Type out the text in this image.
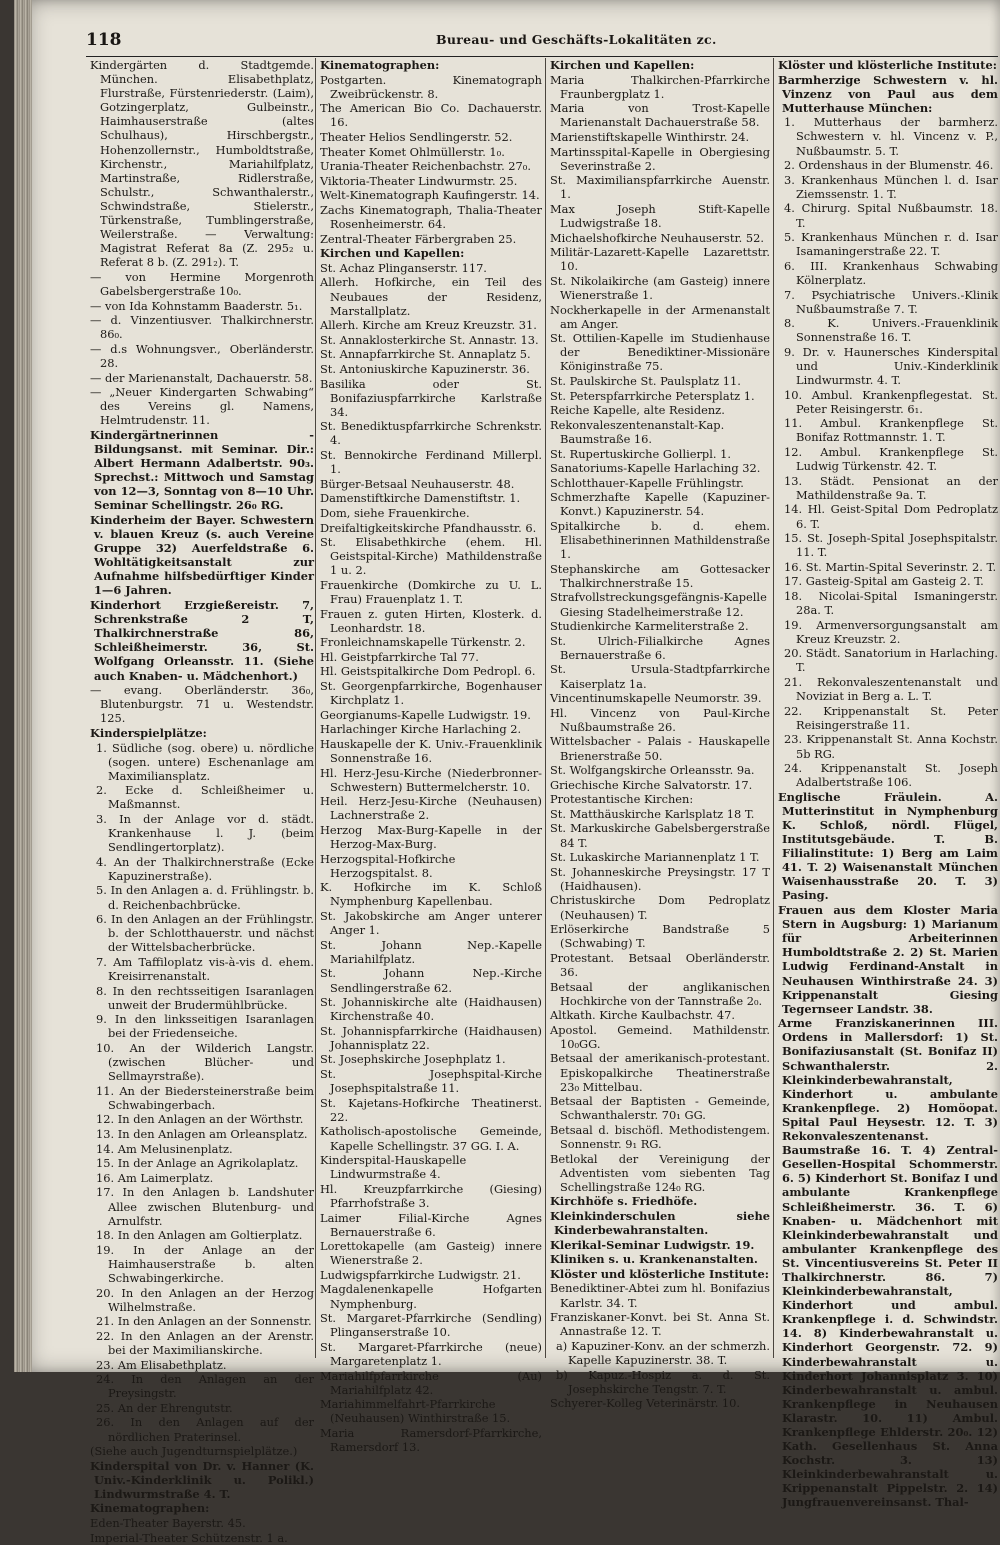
118	Bureau- und Geschäfts-Lokalitäten zc.

Kindergärten d. Stadtgemde. München. Elisabethplatz, Flurstraße, Fürstenriederstr. (Laim), Gotzingerplatz, Gulbeinstr., Haimhauserstraße (altes Schulhaus), Hirschbergstr., Hohenzollernstr., Humboldtstraße, Kirchenstr., Mariahilfplatz, Martinstraße, Ridlerstraße, Schulstr., Schwanthalerstr., Schwindstraße, Stielerstr., Türkenstraße, Tumblingerstraße, Weilerstraße. — Verwaltung: Magistrat Referat 8a (Z. 295₂ u. Referat 8 b. (Z. 291₂). T.

— von Hermine Morgenroth Gabelsbergerstraße 10₀.

— von Ida Kohnstamm Baaderstr. 5₁.

— d. Vinzentiusver. Thalkirchnerstr. 86₀.

— d.s Wohnungsver., Oberländerstr. 28.

— der Marienanstalt, Dachauerstr. 58.

— „Neuer Kindergarten Schwabing“ des Vereins gl. Namens, Helmtrudenstr. 11.

Kindergärtnerinnen - Bildungsanst. mit Seminar. Dir.: Albert Hermann Adalbertstr. 90₃. Sprechst.: Mittwoch und Samstag von 12—3, Sonntag von 8—10 Uhr. Seminar Schellingstr. 26₀ RG.

Kinderheim der Bayer. Schwestern v. blauen Kreuz (s. auch Vereine Gruppe 32) Auerfeldstraße 6. Wohltätigkeitsanstalt zur Aufnahme hilfsbedürftiger Kinder 1—6 Jahren.

Kinderhort Erzgießereistr. 7, Schrenkstraße 2 T, Thalkirchnerstraße 86, Schleißheimerstr. 36, St. Wolfgang Orleansstr. 11. (Siehe auch Knaben- u. Mädchenhort.)

— evang. Oberländerstr. 36₀, Blutenburgstr. 71 u. Westendstr. 125.

Kinderspielplätze:

1. Südliche (sog. obere) u. nördliche (sogen. untere) Eschenanlage am Maximiliansplatz.

2. Ecke d. Schleißheimer u. Maßmannst.

3. In der Anlage vor d. städt. Krankenhause l. J. (beim Sendlingertorplatz).

4. An der Thalkirchnerstraße (Ecke Kapuzinerstraße).

5. In den Anlagen a. d. Frühlingstr. b. d. Reichenbachbrücke.

6. In den Anlagen an der Frühlingstr. b. der Schlotthauerstr. und nächst der Wittelsbacherbrücke.

7. Am Taffiloplatz vis-à-vis d. ehem. Kreisirrenanstalt.

8. In den rechtsseitigen Isaranlagen unweit der Brudermühlbrücke.

9. In den linksseitigen Isaranlagen bei der Friedenseiche.

10. An der Wilderich Langstr. (zwischen Blücher- und Sellmayrstraße).

11. An der Biedersteinerstraße beim Schwabingerbach.

12. In den Anlagen an der Wörthstr.

13. In den Anlagen am Orleansplatz.

14. Am Melusinenplatz.

15. In der Anlage an Agrikolaplatz.

16. Am Laimerplatz.

17. In den Anlagen b. Landshuter Allee zwischen Blutenburg- und Arnulfstr.

18. In den Anlagen am Goltierplatz.

19. In der Anlage an der Haimhauserstraße b. alten Schwabingerkirche.

20. In den Anlagen an der Herzog Wilhelmstraße.

21. In den Anlagen an der Sonnenstr.

22. In den Anlagen an der Arenstr. bei der Maximilianskirche.

23. Am Elisabethplatz.

24. In den Anlagen an der Preysingstr.

25. An der Ehrengutstr.

26. In den Anlagen auf der nördlichen Praterinsel.

(Siehe auch Jugendturnspielplätze.)

Kinderspital von Dr. v. Hanner (K. Univ.-Kinderklinik u. Polikl.) Lindwurmstraße 4. T.

Kinematographen:

Eden-Theater Bayerstr. 45.

Imperial-Theater Schützenstr. 1 a.

Kinematographen:

Postgarten. Kinematograph Zweibrückenstr. 8.

The American Bio Co. Dachauerstr. 16.

Theater Helios Sendlingerstr. 52.

Theater Komet Ohlmüllerstr. 1₀.

Urania-Theater Reichenbachstr. 27₀.

Viktoria-Theater Lindwurmstr. 25.

Welt-Kinematograph Kaufingerstr. 14.

Zachs Kinematograph, Thalia-Theater Rosenheimerstr. 64.

Zentral-Theater Färbergraben 25.

Kirchen und Kapellen:

St. Achaz Plinganserstr. 117.

Allerh. Hofkirche, ein Teil des Neubaues der Residenz, Marstallplatz.

Allerh. Kirche am Kreuz Kreuzstr. 31.

St. Annaklosterkirche St. Annastr. 13.

St. Annapfarrkirche St. Annaplatz 5.

St. Antoniuskirche Kapuzinerstr. 36.

Basilika oder St. Bonifaziuspfarrkirche Karlstraße 34.

St. Benediktuspfarrkirche Schrenkstr. 4.

St. Bennokirche Ferdinand Millerpl. 1.

Bürger-Betsaal Neuhauserstr. 48.

Damenstiftkirche Damenstiftstr. 1.

Dom, siehe Frauenkirche.

Dreifaltigkeitskirche Pfandhausstr. 6.

St. Elisabethkirche (ehem. Hl. Geistspital-Kirche) Mathildenstraße 1 u. 2.

Frauenkirche (Domkirche zu U. L. Frau) Frauenplatz 1. T.

Frauen z. guten Hirten, Klosterk. d. Leonhardstr. 18.

Fronleichnamskapelle Türkenstr. 2.

Hl. Geistpfarrkirche Tal 77.

Hl. Geistspitalkirche Dom Pedropl. 6.

St. Georgenpfarrkirche, Bogenhauser Kirchplatz 1.

Georgianums-Kapelle Ludwigstr. 19.

Harlachinger Kirche Harlaching 2.

Hauskapelle der K. Univ.-Frauenklinik Sonnenstraße 16.

Hl. Herz-Jesu-Kirche (Niederbronner-Schwestern) Buttermelcherstr. 10.

Heil. Herz-Jesu-Kirche (Neuhausen) Lachnerstraße 2.

Herzog Max-Burg-Kapelle in der Herzog-Max-Burg.

Herzogspital-Hofkirche Herzogspitalst. 8.

K. Hofkirche im K. Schloß Nymphenburg Kapellenbau.

St. Jakobskirche am Anger unterer Anger 1.

St. Johann Nep.-Kapelle Mariahilfplatz.

St. Johann Nep.-Kirche Sendlingerstraße 62.

St. Johanniskirche alte (Haidhausen) Kirchenstraße 40.

St. Johannispfarrkirche (Haidhausen) Johannisplatz 22.

St. Josephskirche Josephplatz 1.

St. Josephspital-Kirche Josephspitalstraße 11.

St. Kajetans-Hofkirche Theatinerst. 22.

Katholisch-apostolische Gemeinde, Kapelle Schellingstr. 37 GG. I. A.

Kinderspital-Hauskapelle Lindwurmstraße 4.

Hl. Kreuzpfarrkirche (Giesing) Pfarrhofstraße 3.

Laimer Filial-Kirche Agnes Bernauerstraße 6.

Lorettokapelle (am Gasteig) innere Wienerstraße 2.

Ludwigspfarrkirche Ludwigstr. 21.

Magdalenenkapelle Hofgarten Nymphenburg.

St. Margaret-Pfarrkirche (Sendling) Plinganserstraße 10.

St. Margaret-Pfarrkirche (neue) Margaretenplatz 1.

Mariahilfpfarrkirche (Au) Mariahilfplatz 42.

Mariahimmelfahrt-Pfarrkirche (Neuhausen) Winthirstraße 15.

Maria Ramersdorf-Pfarrkirche, Ramersdorf 13.

Kirchen und Kapellen:

Maria Thalkirchen-Pfarrkirche Fraunbergplatz 1.

Maria von Trost-Kapelle Marienanstalt Dachauerstraße 58.

Marienstiftskapelle Winthirstr. 24.

Martinsspital-Kapelle in Obergiesing Severinstraße 2.

St. Maximilianspfarrkirche Auenstr. 1.

Max Joseph Stift-Kapelle Ludwigstraße 18.

Michaelshofkirche Neuhauserstr. 52.

Militär-Lazarett-Kapelle Lazarettstr. 10.

St. Nikolaikirche (am Gasteig) innere Wienerstraße 1.

Nockherkapelle in der Armenanstalt am Anger.

St. Ottilien-Kapelle im Studienhause der Benediktiner-Missionäre Königinstraße 75.

St. Paulskirche St. Paulsplatz 11.

St. Peterspfarrkirche Petersplatz 1.

Reiche Kapelle, alte Residenz.

Rekonvaleszentenanstalt-Kap. Baumstraße 16.

St. Rupertuskirche Gollierpl. 1.

Sanatoriums-Kapelle Harlaching 32.

Schlotthauer-Kapelle Frühlingstr.

Schmerzhafte Kapelle (Kapuziner-Konvt.) Kapuzinerstr. 54.

Spitalkirche b. d. ehem. Elisabethinerinnen Mathildenstraße 1.

Stephanskirche am Gottesacker Thalkirchnerstraße 15.

Strafvollstreckungsgefängnis-Kapelle Giesing Stadelheimerstraße 12.

Studienkirche Karmeliterstraße 2.

St. Ulrich-Filialkirche Agnes Bernauerstraße 6.

St. Ursula-Stadtpfarrkirche Kaiserplatz 1a.

Vincentinumskapelle Neumorstr. 39.

Hl. Vincenz von Paul-Kirche Nußbaumstraße 26.

Wittelsbacher - Palais - Hauskapelle Brienerstraße 50.

St. Wolfgangskirche Orleansstr. 9a.

Griechische Kirche Salvatorstr. 17.

Protestantische Kirchen:

St. Matthäuskirche Karlsplatz 18 T.

St. Markuskirche Gabelsbergerstraße 84 T.

St. Lukaskirche Mariannenplatz 1 T.

St. Johanneskirche Preysingstr. 17 T (Haidhausen).

Christuskirche Dom Pedroplatz (Neuhausen) T.

Erlöserkirche Bandstraße 5 (Schwabing) T.

Protestant. Betsaal Oberländerstr. 36.

Betsaal der anglikanischen Hochkirche von der Tannstraße 2₀.

Altkath. Kirche Kaulbachstr. 47.

Apostol. Gemeind. Mathildenstr. 10₀GG.

Betsaal der amerikanisch-protestant. Episkopalkirche Theatinerstraße 23₀ Mittelbau.

Betsaal der Baptisten - Gemeinde, Schwanthalerstr. 70₁ GG.

Betsaal d. bischöfl. Methodistengem. Sonnenstr. 9₁ RG.

Betlokal der Vereinigung der Adventisten vom siebenten Tag Schellingstraße 124₀ RG.

Kirchhöfe s. Friedhöfe.

Kleinkinderschulen siehe Kinderbewahranstalten.

Klerikal-Seminar Ludwigstr. 19.

Kliniken s. u. Krankenanstalten.

Klöster und klösterliche Institute:

Benediktiner-Abtei zum hl. Bonifazius Karlstr. 34. T.

Franziskaner-Konvt. bei St. Anna St. Annastraße 12. T.

a) Kapuziner-Konv. an der schmerzh. Kapelle Kapuzinerstr. 38. T.

b) Kapuz.-Hospiz a. d. St. Josephskirche Tengstr. 7. T.

Schyerer-Kolleg Veterinärstr. 10.

Klöster und klösterliche Institute:

Barmherzige Schwestern v. hl. Vinzenz von Paul aus dem Mutterhause München:

1. Mutterhaus der barmherz. Schwestern v. hl. Vincenz v. P., Nußbaumstr. 5. T.

2. Ordenshaus in der Blumenstr. 46.

3. Krankenhaus München l. d. Isar Ziemssenstr. 1. T.

4. Chirurg. Spital Nußbaumstr. 18. T.

5. Krankenhaus München r. d. Isar Isamaningerstraße 22. T.

6. III. Krankenhaus Schwabing Kölnerplatz.

7. Psychiatrische Univers.-Klinik Nußbaumstraße 7. T.

8. K. Univers.-Frauenklinik Sonnenstraße 16. T.

9. Dr. v. Haunersches Kinderspital und Univ.-Kinderklinik Lindwurmstr. 4. T.

10. Ambul. Krankenpflegestat. St. Peter Reisingerstr. 6₁.

11. Ambul. Krankenpflege St. Bonifaz Rottmannstr. 1. T.

12. Ambul. Krankenpflege St. Ludwig Türkenstr. 42. T.

13. Städt. Pensionat an der Mathildenstraße 9a. T.

14. Hl. Geist-Spital Dom Pedroplatz 6. T.

15. St. Joseph-Spital Josephspitalstr. 11. T.

16. St. Martin-Spital Severinstr. 2. T.

17. Gasteig-Spital am Gasteig 2. T.

18. Nicolai-Spital Ismaningerstr. 28a. T.

19. Armenversorgungsanstalt am Kreuz Kreuzstr. 2.

20. Städt. Sanatorium in Harlaching. T.

21. Rekonvaleszentenanstalt und Noviziat in Berg a. L. T.

22. Krippenanstalt St. Peter Reisingerstraße 11.

23. Krippenanstalt St. Anna Kochstr. 5b RG.

24. Krippenanstalt St. Joseph Adalbertstraße 106.

Englische Fräulein. A. Mutterinstitut in Nymphenburg K. Schloß, nördl. Flügel, Institutsgebäude. T. B. Filialinstitute: 1) Berg am Laim 41. T. 2) Waisenanstalt München Waisenhausstraße 20. T. 3) Pasing.

Frauen aus dem Kloster Maria Stern in Augsburg: 1) Marianum für Arbeiterinnen Humboldtstraße 2. 2) St. Marien Ludwig Ferdinand-Anstalt in Neuhausen Winthirstraße 24. 3) Krippenanstalt Giesing Tegernseer Landstr. 38.

Arme Franziskanerinnen III. Ordens in Mallersdorf: 1) St. Bonifaziusanstalt (St. Bonifaz II) Schwanthalerstr. 2. Kleinkinderbewahranstalt, Kinderhort u. ambulante Krankenpflege. 2) Homöopat. Spital Paul Heysestr. 12. T. 3) Rekonvaleszentenanst. Baumstraße 16. T. 4) Zentral-Gesellen-Hospital Schommerstr. 6. 5) Kinderhort St. Bonifaz I und ambulante Krankenpflege Schleißheimerstr. 36. T. 6) Knaben- u. Mädchenhort mit Kleinkinderbewahranstalt und ambulanter Krankenpflege des St. Vincentiusvereins St. Peter II Thalkirchnerstr. 86. 7) Kleinkinderbewahranstalt, Kinderhort und ambul. Krankenpflege i. d. Schwindstr. 14. 8) Kinderbewahranstalt u. Kinderhort Georgenstr. 72. 9) Kinderbewahranstalt u. Kinderhort Johannisplatz 3. 10) Kinderbewahranstalt u. ambul. Krankenpflege in Neuhausen Klarastr. 10. 11) Ambul. Krankenpflege Ehlderstr. 20₀. 12) Kath. Gesellenhaus St. Anna Kochstr. 3. 13) Kleinkinderbewahranstalt u. Krippenanstalt Pippelstr. 2. 14) Jungfrauenvereinsanst. Thal-
